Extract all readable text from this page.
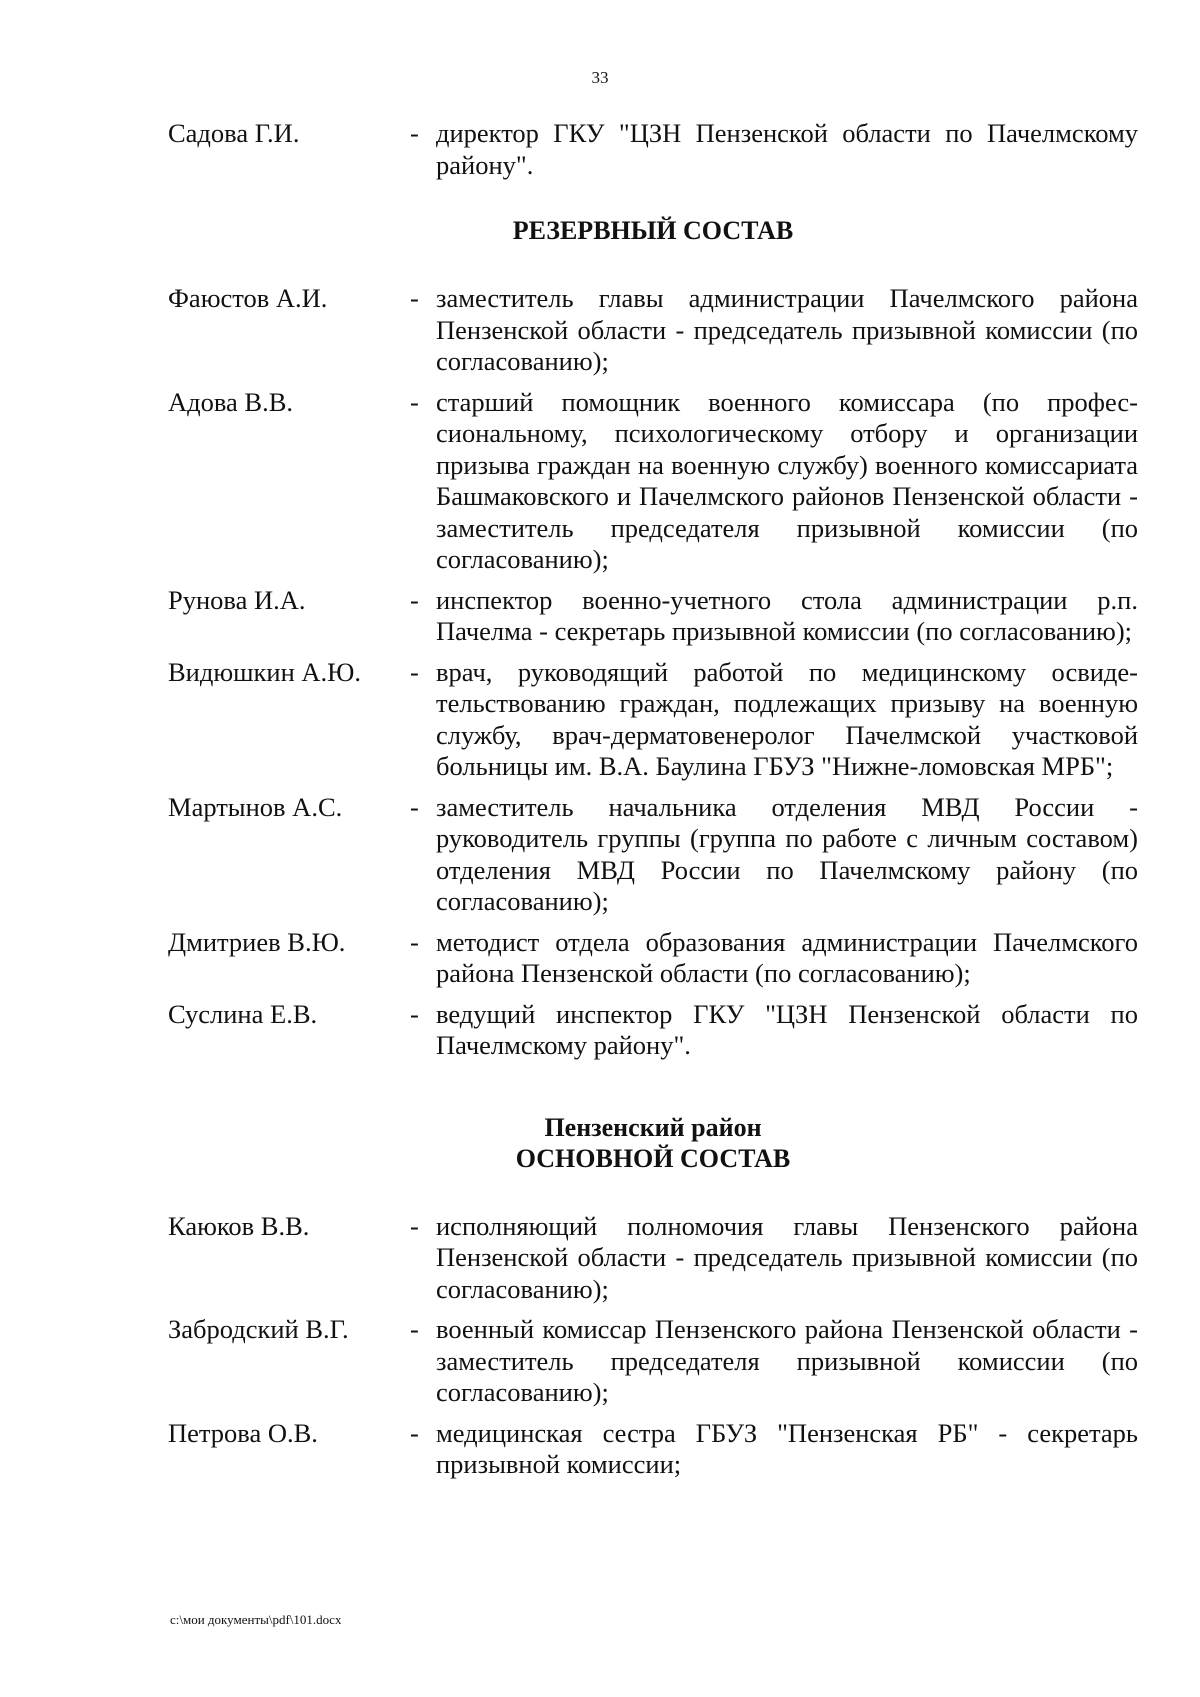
33
Садова Г.И.	- директор ГКУ "ЦЗН Пензенской области по Пачелмскому району".
РЕЗЕРВНЫЙ СОСТАВ
Фаюстов А.И.	- заместитель главы администрации Пачелмского района Пензенской области - председатель призывной комиссии (по согласованию);
Адова В.В.	- старший помощник военного комиссара (по профессиональному, психологическому отбору и организации призыва граждан на военную службу) военного комиссариата Башмаковского и Пачелмского районов Пензенской области - заместитель председателя призывной комиссии (по согласованию);
Рунова И.А.	- инспектор военно-учетного стола администрации р.п. Пачелма - секретарь призывной комиссии (по согласованию);
Видюшкин А.Ю.	- врач, руководящий работой по медицинскому освидетельствованию граждан, подлежащих призыву на военную службу, врач-дерматовенеролог Пачелмской участковой больницы им. В.А. Баулина ГБУЗ "Нижне-ломовская МРБ";
Мартынов А.С.	- заместитель начальника отделения МВД России - руководитель группы (группа по работе с личным составом) отделения МВД России по Пачелмскому району (по согласованию);
Дмитриев В.Ю.	- методист отдела образования администрации Пачелмского района Пензенской области (по согласованию);
Суслина Е.В.	- ведущий инспектор ГКУ "ЦЗН Пензенской области по Пачелмскому району".
Пензенский район
ОСНОВНОЙ СОСТАВ
Каюков В.В.	- исполняющий полномочия главы Пензенского района Пензенской области - председатель призывной комиссии (по согласованию);
Забродский В.Г.	- военный комиссар Пензенского района Пензенской области - заместитель председателя призывной комиссии (по согласованию);
Петрова О.В.	- медицинская сестра ГБУЗ "Пензенская РБ" - секретарь призывной комиссии;
c:\мои документы\pdf\101.docx
